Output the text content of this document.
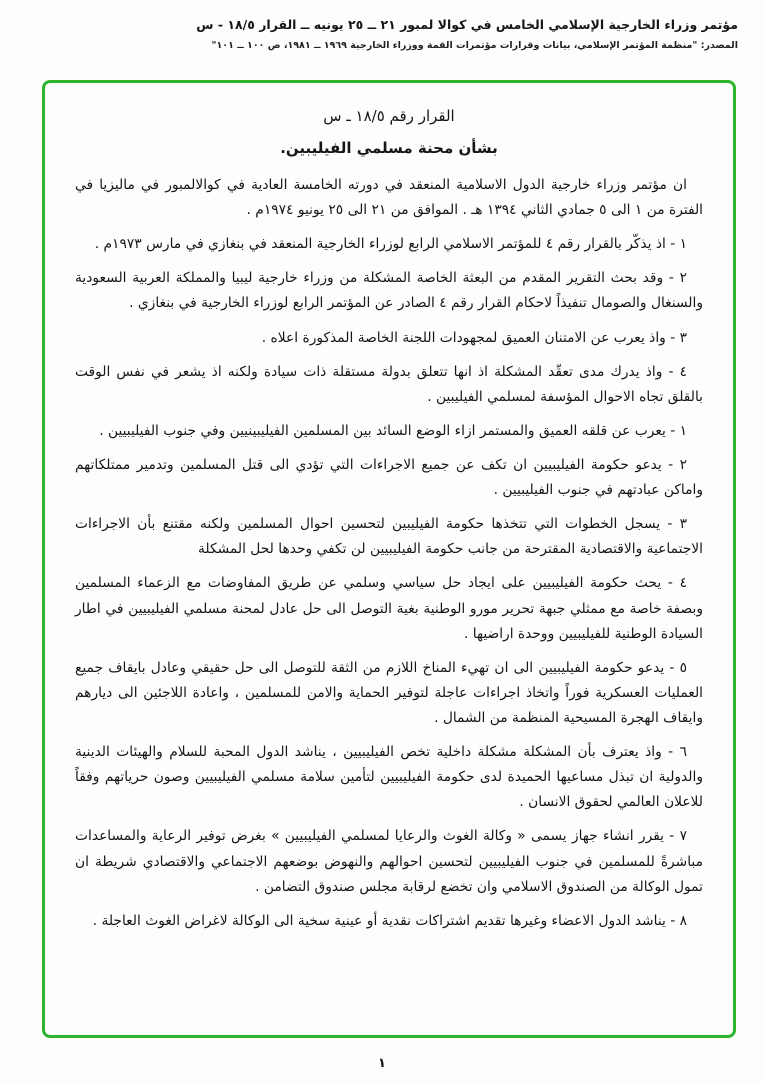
مؤتمر وزراء الخارجية الإسلامي الخامس في كوالا لمبور ٢١ ــ ٢٥ يونيه ــ القرار ١٨/٥ - س
المصدر: "منظمة المؤتمر الإسلامي، بيانات وقرارات مؤتمرات القمة ووزراء الخارجية ١٩٦٩ ــ ١٩٨١، ص ١٠٠ ــ ١٠١"
القرار رقم ١٨/٥ ـ س
بشأن محنة مسلمي الفيليبين.
ان مؤتمر وزراء خارجية الدول الاسلامية المنعقد في دورته الخامسة العادية في كوالالمبور في ماليزيا في الفترة من ١ الى ٥ جمادي الثاني ١٣٩٤ هـ . الموافق من ٢١ الى ٢٥ يونيو ١٩٧٤م .
١ - اذ يذكّر بالقرار رقم ٤ للمؤتمر الاسلامي الرابع لوزراء الخارجية المنعقد في بنغازي في مارس ١٩٧٣م .
٢ - وقد بحث التقرير المقدم من البعثة الخاصة المشكلة من وزراء خارجية ليبيا والمملكة العربية السعودية والسنغال والصومال تنفيذاً لاحكام القرار رقم ٤ الصادر عن المؤتمر الرابع لوزراء الخارجية في بنغازي .
٣ - واذ يعرب عن الامتنان العميق لمجهودات اللجنة الخاصة المذكورة اعلاه .
٤ - واذ يدرك مدى تعقّد المشكلة اذ انها تتعلق بدولة مستقلة ذات سيادة ولكنه اذ يشعر في نفس الوقت بالقلق تجاه الاحوال المؤسفة لمسلمي الفيليبين .
١ - يعرب عن قلقه العميق والمستمر ازاء الوضع السائد بين المسلمين الفيليبينيين وفي جنوب الفيليبيين .
٢ - يدعو حكومة الفيليبيين ان تكف عن جميع الاجراءات التي تؤدي الى قتل المسلمين وتدمير ممتلكاتهم واماكن عبادتهم في جنوب الفيليبيين .
٣ - يسجل الخطوات التي تتخذها حكومة الفيليبين لتحسين احوال المسلمين ولكنه مقتنع بأن الاجراءات الاجتماعية والاقتصادية المقترحة من جانب حكومة الفيليبيين لن تكفي وحدها لحل المشكلة
٤ - يحث حكومة الفيليبيين على ايجاد حل سياسي وسلمي عن طريق المفاوضات مع الزعماء المسلمين وبصفة خاصة مع ممثلي جبهة تحرير مورو الوطنية بغية التوصل الى حل عادل لمحنة مسلمي الفيليبيين في اطار السيادة الوطنية للفيليبيين ووحدة اراضيها .
٥ - يدعو حكومة الفيليبيين الى ان تهيء المناخ اللازم من الثقة للتوصل الى حل حقيقي وعادل بايقاف جميع العمليات العسكرية فوراً واتخاذ اجراءات عاجلة لتوفير الحماية والامن للمسلمين ، واعادة اللاجئين الى ديارهم وايقاف الهجرة المسيحية المنظمة من الشمال .
٦ - واذ يعترف بأن المشكلة مشكلة داخلية تخص الفيليبيين ، يناشد الدول المحبة للسلام والهيئات الدينية والدولية ان تبذل مساعيها الحميدة لدى حكومة الفيليبيين لتأمين سلامة مسلمي الفيليبيين وصون حرياتهم وفقاً للاعلان العالمي لحقوق الانسان .
٧ - يقرر انشاء جهاز يسمى « وكالة الغوث والرعايا لمسلمي الفيليبيين » بغرض توفير الرعاية والمساعدات مباشرةً للمسلمين في جنوب الفيليبيين لتحسين احوالهم والنهوض بوضعهم الاجتماعي والاقتصادي شريطة ان تمول الوكالة من الصندوق الاسلامي وان تخضع لرقابة مجلس صندوق التضامن .
٨ - يناشد الدول الاعضاء وغيرها تقديم اشتراكات نقدية أو عينية سخية الى الوكالة لاغراض الغوث العاجلة .
١
